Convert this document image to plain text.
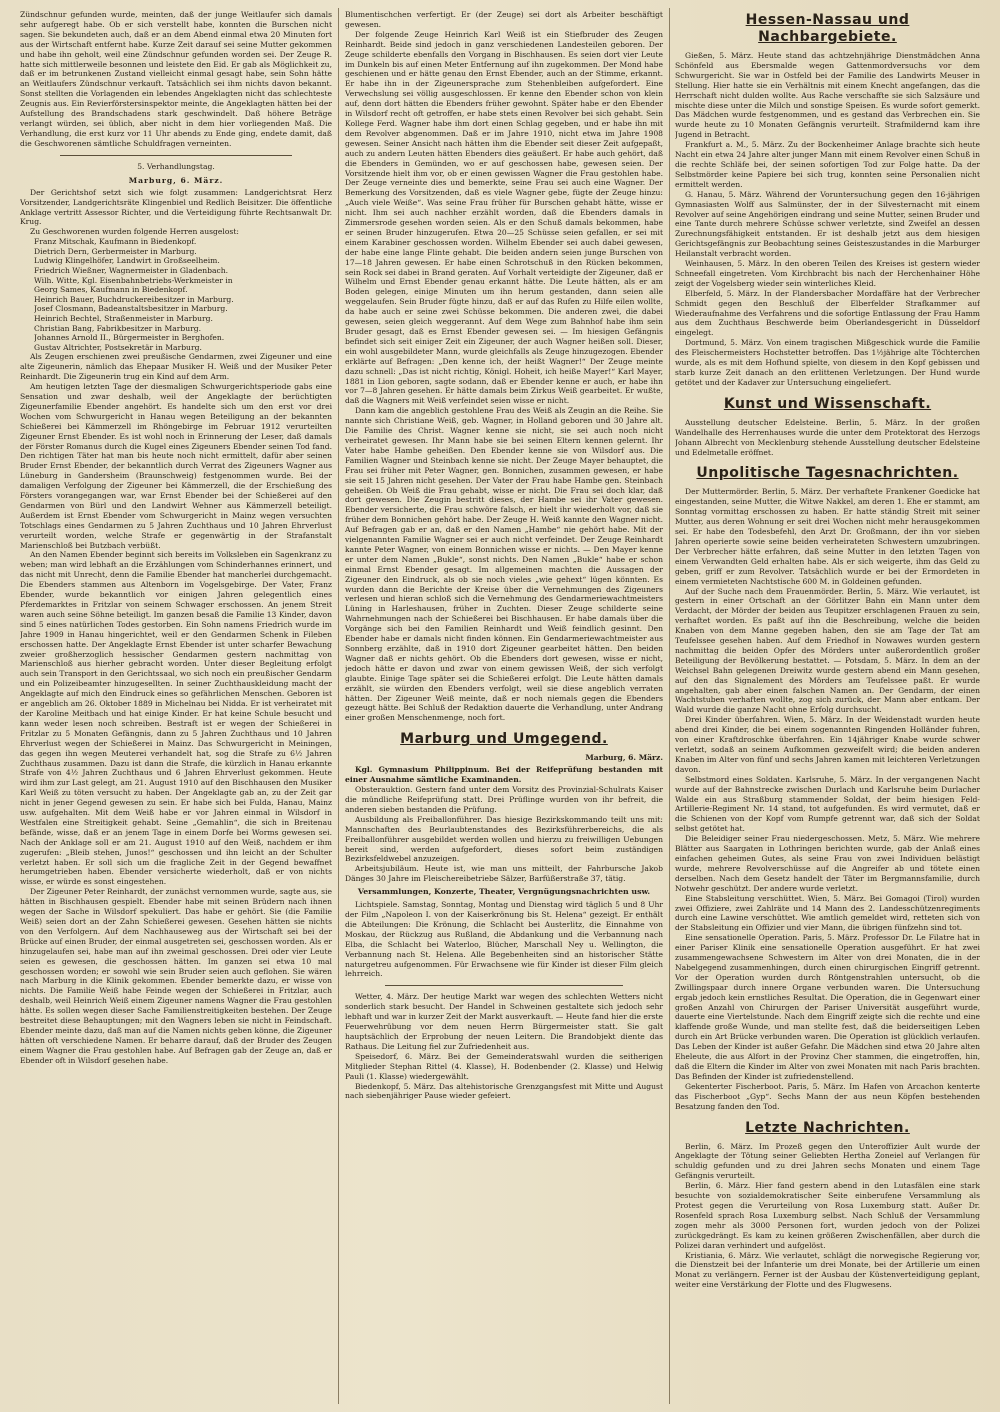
Zündschnur gefunden wurde, meinten, daß der junge Weitlaufer sich damals sehr aufgeregt habe. Ob er sich verstellt habe, konnten die Burschen nicht sagen. Sie bekundeten auch, daß er an dem Abend einmal etwa 20 Minuten fort aus der Wirtschaft entfernt habe. Kurze Zeit darauf sei seine Mutter gekommen und habe ihn geholt, weil eine Zündschnur gefunden worden sei. Der Zeuge R. hatte sich mittlerweile besonnen und leistete den Eid. Er gab als Möglichkeit zu, daß er im betrunkenen Zustand vielleicht einmal gesagt habe, sein Sohn hätte an Weitlaufers Zündschnur verkauft. Tatsächlich sei ihm nichts davon bekannt. Sonst stellten die Vorlagenden ein lebendes Angeklagten nicht das schlechteste Zeugnis aus. Ein Revierförstersinspektor meinte, die Angeklagten hätten bei der Aufstellung des Brandschadens stark geschwindelt. Daß höhere Beträge verlangt würden, sei üblich, aber nicht in dem hier vorliegenden Maß. Die Verhandlung, die erst kurz vor 11 Uhr abends zu Ende ging, endete damit, daß die Geschworenen sämtliche Schuldfragen verneinten.

5. Verhandlungstag.
Marburg, 6. März.

Der Gerichtshof setzt sich wie folgt zusammen: Landgerichtsrat Herz Vorsitzender, Landgerichtsräte Klingenbiel und Redlich Beisitzer. Die öffentliche Anklage vertritt Assessor Richter, und die Verteidigung führte Rechtsanwalt Dr. Krug.

Zu Geschworenen wurden folgende Herren ausgelost:

Franz Mitschak, Kaufmann in Biedenkopf.
Dietrich Dern, Gerbermeister in Marburg.
Ludwig Klingelhöfer, Landwirt in Großseelheim.
Friedrich Wießner, Wagnermeister in Gladenbach.
Wilh. Witte, Kgl. Eisenbahnbetriebs-Werkmeister in
Georg Sames, Kaufmann in Biedenkopf.
Heinrich Bauer, Buchdruckereibesitzer in Marburg.
Josef Closmann, Badeanstaltsbesitzer in Marburg.
Heinrich Bechtel, Straßenmeister in Marburg.
Christian Bang, Fabrikbesitzer in Marburg.
Johannes Arnold II., Bürgermeister in Berghofen.
Gustav Altrichter, Postsekretär in Marburg.

Als Zeugen erschienen zwei preußische Gendarmen, zwei Zigeuner und eine alte Zigeunerin, nämlich das Ehepaar Musiker H. Weiß und der Musiker Peter Reinhardt. Die Zigeunerin trug ein Kind auf dem Arm.

Am heutigen letzten Tage der diesmaligen Schwurgerichtsperiode gabs eine Sensation und zwar deshalb, weil der Angeklagte der berüchtigten Zigeunerfamilie Ebender angehört. Es handelte sich um den erst vor drei Wochen vom Schwurgericht in Hanau wegen Beteiligung an der bekannten Schießerei bei Kämmerzell im Rhöngebirge im Februar 1912 verurteilten Zigeuner Ernst Ebender. Es ist wohl noch in Erinnerung der Leser, daß damals der Förster Romanus durch die Kugel eines Zigeuners Ebender seinen Tod fand. Den richtigen Täter hat man bis heute noch nicht ermittelt, dafür aber seinen Bruder Ernst Ebender, der bekanntlich durch Verrat des Zigeuners Wagner aus Lüneburg in Gandersheim (Braunschweig) festgenommen wurde. Bei der damaligen Verfolgung der Zigeuner bei Kämmerzell, die der Erschießung des Försters vorangegangen war, war Ernst Ebender bei der Schießerei auf den Gendarmen von Bürl und den Landwirt Wehner aus Kämmerzell beteiligt. Außerdem ist Ernst Ebender vom Schwurgericht in Mainz wegen versuchten Totschlags eines Gendarmen zu 5 Jahren Zuchthaus und 10 Jahren Ehrverlust verurteilt worden, welche Strafe er gegenwärtig in der Strafanstalt Marienschloß bei Butzbach verbüßt.

An den Namen Ebender beginnt sich bereits im Volksleben ein Sagenkranz zu weben; man wird lebhaft an die Erzählungen vom Schinderhannes erinnert, und das nicht mit Unrecht, denn die Familie Ebender hat mancherlei durchgemacht. Die Ebenders stammen aus Altenborn im Vogelsgebirge. Der Vater, Franz Ebender, wurde bekanntlich vor einigen Jahren gelegentlich eines Pferdemarktes in Fritzlar von seinem Schwager erschossen. An jenem Streit waren auch seine Söhne beteiligt. Im ganzen besaß die Familie 13 Kinder, davon sind 5 eines natürlichen Todes gestorben. Ein Sohn namens Friedrich wurde im Jahre 1909 in Hanau hingerichtet, weil er den Gendarmen Schenk in Fileben erschossen hatte. Der Angeklagte Ernst Ebender ist unter scharfer Bewachung zweier großherzoglich hessischer Gendarmen gestern nachmittag von Marienschloß aus hierher gebracht worden. Unter dieser Begleitung erfolgt auch sein Transport in den Gerichtssaal, wo sich noch ein preußischer Gendarm und ein Polizeibeamter hinzugesellten. In seiner Zuchthauskleidung macht der Angeklagte auf mich den Eindruck eines so gefährlichen Menschen. Geboren ist er angeblich am 26. Oktober 1889 in Michelnau bei Nidda. Er ist verheiratet mit der Karoline Meitbach und hat einige Kinder. Er hat keine Schule besucht und kann weder lesen noch schreiben. Bestraft ist er wegen der Schießerei in Fritzlar zu 5 Monaten Gefängnis, dann zu 5 Jahren Zuchthaus und 10 Jahren Ehrverlust wegen der Schießerei in Mainz. Das Schwurgericht in Meiningen, das gegen ihn wegen Meuterei verhandelt hat, sog die Strafe zu 6½ Jahren Zuchthaus zusammen. Dazu ist dann die Strafe, die kürzlich in Hanau erkannte Strafe von 4½ Jahren Zuchthaus und 6 Jahren Ehrverlust gekommen. Heute wird ihm zur Last gelegt, am 21. August 1910 auf den Bischhausen den Musiker Karl Weiß zu töten versucht zu haben. Der Angeklagte gab an, zu der Zeit gar nicht in jener Gegend gewesen zu sein. Er habe sich bei Fulda, Hanau, Mainz usw. aufgehalten. Mit dem Weiß habe er vor Jahren einmal in Wilsdorf in Westfalen eine Streitigkeit gehabt. Seine „Gemahlin“, die sich in Breitenau befände, wisse, daß er an jenem Tage in einem Dorfe bei Worms gewesen sei. Nach der Anklage soll er am 21. August 1910 auf den Weiß, nachdem er ihm zugerufen: „Bleib stehen, Junos!“ geschossen und ihn leicht an der Schulter verletzt haben. Er soll sich um die fragliche Zeit in der Gegend bewaffnet herumgetrieben haben. Ebender versicherte wiederholt, daß er von nichts wisse, er würde es sonst eingestehen.

Der Zigeuner Peter Reinhardt, der zunächst vernommen wurde, sagte aus, sie hätten in Bischhausen gespielt. Ebender habe mit seinen Brüdern nach ihnen wegen der Sache in Wilsdorf spekuliert. Das habe er gehört. Sie (die Familie Weiß) seien dort an der Zahn Schießerei gewesen. Gesehen hätten sie nichts von den Verfolgern. Auf dem Nachhauseweg aus der Wirtschaft sei bei der Brücke auf einen Bruder, der einmal ausgetreten sei, geschossen worden. Als er hinzugelaufen sei, habe man auf ihn zweimal geschossen. Drei oder vier Leute seien es gewesen, die geschossen hätten. Im ganzen sei etwa 10 mal geschossen worden; er sowohl wie sein Bruder seien auch geflohen. Sie wären nach Marburg in die Klinik gekommen. Ebender bemerkte dazu, er wisse von nichts. Die Familie Weiß habe Feinde wegen der Schießerei in Fritzlar, auch deshalb, weil Heinrich Weiß einem Zigeuner namens Wagner die Frau gestohlen hätte. Es sollen wegen dieser Sache Familienstreitigkeiten bestehen. Der Zeuge bestreitet diese Behauptungen; mit den Wagners leben sie nicht in Feindschaft. Ebender meinte dazu, daß man auf die Namen nichts geben könne, die Zigeuner hätten oft verschiedene Namen. Er beharre darauf, daß der Bruder des Zeugen einem Wagner die Frau gestohlen habe. Auf Befragen gab der Zeuge an, daß er Ebender oft in Wilsdorf gesehen habe.

Blumentischchen verfertigt. Er (der Zeuge) sei dort als Arbeiter beschäftigt gewesen.

Der folgende Zeuge Heinrich Karl Weiß ist ein Stiefbruder des Zeugen Reinhardt. Beide sind jedoch in ganz verschiedenen Landesteilen geboren. Der Zeuge schilderte ebenfalls den Vorgang in Bischhausen. Es seien dort vier Leute im Dunkeln bis auf einen Meter Entfernung auf ihn zugekommen. Der Mond habe geschienen und er hätte genau den Ernst Ebender, auch an der Stimme, erkannt. Er habe ihn in der Zigeunersprache zum Stehenbleiben aufgefordert. Eine Verwechslung sei völlig ausgeschlossen. Er kenne den Ebender schon von klein auf, denn dort hätten die Ebenders früher gewohnt. Später habe er den Ebender in Wilsdorf recht oft getroffen, er habe stets einen Revolver bei sich gehabt. Sein Kollege Ferd. Wagner habe ihm dort einen Schlag gegeben, und er habe ihn mit dem Revolver abgenommen. Daß er im Jahre 1910, nicht etwa im Jahre 1908 gewesen. Seiner Ansicht nach hätten ihm die Ebender seit dieser Zeit aufgepaßt, auch zu andern Leuten hätten Ebenders dies geäußert. Er habe auch gehört, daß die Ebenders in Gemünden, wo er auf geschossen habe, gewesen seien. Der Vorsitzende hielt ihm vor, ob er einen gewissen Wagner die Frau gestohlen habe. Der Zeuge verneinte dies und bemerkte, seine Frau sei auch eine Wagner. Der Bemerkung des Vorsitzenden, daß es viele Wagner gebe, fügte der Zeuge hinzu: „Auch viele Weiße“. Was seine Frau früher für Burschen gehabt hätte, wisse er nicht. Ihm sei auch nachher erzählt worden, daß die Ebenders damals in Zimmersrode gesehen worden seien. Als er den Schuß damals bekommen, habe er seinen Bruder hinzugerufen. Etwa 20—25 Schüsse seien gefallen, er sei mit einem Karabiner geschossen worden. Wilhelm Ebender sei auch dabei gewesen, der habe eine lange Flinte gehabt. Die beiden andern seien junge Burschen von 17—18 Jahren gewesen. Er habe einen Schrotschuß in den Rücken bekommen, sein Rock sei dabei in Brand geraten. Auf Vorhalt verteidigte der Zigeuner, daß er Wilhelm und Ernst Ebender genau erkannt hätte. Die Leute hätten, als er am Boden gelegen, einige Minuten um ihn herum gestanden, dann seien alle weggelaufen. Sein Bruder fügte hinzu, daß er auf das Rufen zu Hilfe eilen wollte, da habe auch er seine zwei Schüsse bekommen. Die anderen zwei, die dabei gewesen, seien gleich weggerannt. Auf dem Wege zum Bahnhof habe ihm sein Bruder gesagt, daß es Ernst Ebender gewesen sei. — Im hiesigen Gefängnis befindet sich seit einiger Zeit ein Zigeuner, der auch Wagner heißen soll. Dieser, ein wohl ausgebildeter Mann, wurde gleichfalls als Zeuge hinzugezogen. Ebender erklärte auf Befragen: „Den kenne ich, der heißt Wagner!“ Der Zeuge meinte dazu schnell: „Das ist nicht richtig, Königl. Hoheit, ich heiße Mayer!“ Karl Mayer, 1881 in Lion geboren, sagte sodann, daß er Ebender kenne er auch, er habe ihn vor 7—8 Jahren gesehen. Er hätte damals beim Zirkus Weiß gearbeitet. Er wußte, daß die Wagners mit Weiß verfeindet seien wisse er nicht.

Dann kam die angeblich gestohlene Frau des Weiß als Zeugin an die Reihe. Sie nannte sich Christiane Weiß, geb. Wagner, in Holland geboren und 30 Jahre alt. Die Familie des Christ. Wagner kenne sie nicht, sie sei auch noch nicht verheiratet gewesen. Ihr Mann habe sie bei seinen Eltern kennen gelernt. Ihr Vater habe Hambe geheißen. Den Ebender kenne sie von Wilsdorf aus. Die Familien Wagner und Steinbach kenne sie nicht. Der Zeuge Mayer behauptet, die Frau sei früher mit Peter Wagner, gen. Bonnichen, zusammen gewesen, er habe sie seit 15 Jahren nicht gesehen. Der Vater der Frau habe Hambe gen. Steinbach geheißen. Ob Weiß die Frau gehabt, wisse er nicht. Die Frau sei doch klar, daß dort gewesen. Die Zeugin bestritt dieses, der Hambe sei ihr Vater gewesen. Ebender versicherte, die Frau schwöre falsch, er hielt ihr wiederholt vor, daß sie früher dem Bonnichen gehört habe. Der Zeuge H. Weiß kannte den Wagner nicht. Auf Befragen gab er an, daß er den Namen „Hambe“ nie gehört habe. Mit der vielgenannten Familie Wagner sei er auch nicht verfeindet. Der Zeuge Reinhardt kannte Peter Wagner, von einem Bonnichen wisse er nichts. — Den Mayer kenne er unter dem Namen „Bukle“, sonst nichts. Den Namen „Bukle“ habe er schon einmal Ernst Ebender gesagt. Im allgemeinen machten die Aussagen der Zigeuner den Eindruck, als ob sie noch vieles „wie gehext“ lügen könnten. Es wurden dann die Berichte der Kreise über die Vernehmungen des Zigeuners verlesen und hieran schloß sich die Vernehmung des Gendarmeriewachtmeisters Lüning in Harleshausen, früher in Zuchten. Dieser Zeuge schilderte seine Wahrnehmungen nach der Schießerei bei Bischhausen. Er habe damals über die Vorgänge sich bei den Familien Reinhardt und Weiß feindlich gesinnt. Den Ebender habe er damals nicht finden können. Ein Gendarmeriewachtmeister aus Sonnberg erzählte, daß in 1910 dort Zigeuner gearbeitet hätten. Den beiden Wagner daß er nichts gehört. Ob die Ebenders dort gewesen, wisse er nicht, jedoch hätte er davon und zwar von einem gewissen Weiß, der sich verfolgt glaubte. Einige Tage später sei die Schießerei erfolgt. Die Leute hätten damals erzählt, sie würden den Ebenders verfolgt, weil sie diese angeblich verraten hätten. Der Zigeuner Weiß meinte, daß er noch niemals gegen die Ebenders gezeugt hätte. Bei Schluß der Redaktion dauerte die Verhandlung, unter Andrang einer großen Menschenmenge, noch fort.

Marburg und Umgegend.
Marburg, 6. März.

Kgl. Gymnasium Philippinum. Bei der Reifeprüfung bestanden mit einer Ausnahme sämtliche Examinanden.

Obsterauktion. Gestern fand unter dem Vorsitz des Provinzial-Schulrats Kaiser die mündliche Reifeprüfung statt. Drei Prüflinge wurden von ihr befreit, die anderen sieben bestanden die Prüfung.

Ausbildung als Freiballonführer. Das hiesige Bezirkskommando teilt uns mit: Mannschaften des Beurlaubtenstandes des Bezirksführerbereichs, die als Freiballonführer ausgebildet werden wollen und hierzu zu freiwilligen Uebungen bereit sind, werden aufgefordert, dieses sofort beim zuständigen Bezirksfeldwebel anzuzeigen.

Arbeitsjubiläum. Heute ist, wie man uns mitteilt, der Fahrbursche Jakob Dänges 30 Jahre im Fleischereibetriebe Sälzer, Barfüßerstraße 37, tätig.

Versammlungen, Konzerte, Theater, Vergnügungsnachrichten usw.

Lichtspiele. Samstag, Sonntag, Montag und Dienstag wird täglich 5 und 8 Uhr der Film „Napoleon I. von der Kaiserkrönung bis St. Helena“ gezeigt. Er enthält die Abteilungen: Die Krönung, die Schlacht bei Austerlitz, die Einnahme von Moskau, der Rückzug aus Rußland, die Abdankung und die Verbannung nach Elba, die Schlacht bei Waterloo, Blücher, Marschall Ney u. Wellington, die Verbannung nach St. Helena. Alle Begebenheiten sind an historischer Stätte naturgetreu aufgenommen. Für Erwachsene wie für Kinder ist dieser Film gleich lehrreich.

Wetter, 4. März. Der heutige Markt war wegen des schlechten Wetters nicht sonderlich stark besucht. Der Handel in Schweinen gestaltete sich jedoch sehr lebhaft und war in kurzer Zeit der Markt ausverkauft. — Heute fand hier die erste Feuerwehrübung vor dem neuen Herrn Bürgermeister statt. Sie galt hauptsächlich der Erprobung der neuen Leitern. Die Brandobjekt diente das Rathaus. Die Leitung fiel zur Zufriedenheit aus.

Speisedorf, 6. März. Bei der Gemeinderatswahl wurden die seitherigen Mitglieder Stephan Rittel (4. Klasse), H. Bodenbender (2. Klasse) und Helwig Pauli (1. Klasse) wiedergewählt.

Biedenkopf, 5. März. Das altehistorische Grenzgangsfest mit Mitte und August nach siebenjähriger Pause wieder gefeiert.

Hessen-Nassau und Nachbargebiete.

Gießen, 5. März. Heute stand das achtzehnjährige Dienstmädchen Anna Schönfeld aus Ebersmalde wegen Gattenmordversuchs vor dem Schwurgericht. Sie war in Ostfeld bei der Familie des Landwirts Meuser in Stellung. Hier hatte sie ein Verhältnis mit einem Knecht angefangen, das die Herrschaft nicht dulden wollte. Aus Rache verschaffte sie sich Salzsäure und mischte diese unter die Milch und sonstige Speisen. Es wurde sofort gemerkt. Das Mädchen wurde festgenommen, und es gestand das Verbrechen ein. Sie wurde heute zu 10 Monaten Gefängnis verurteilt. Strafmildernd kam ihre Jugend in Betracht.

Frankfurt a. M., 5. März. Zu der Bockenheimer Anlage brachte sich heute Nacht ein etwa 24 Jahre alter junger Mann mit einem Revolver einen Schuß in die rechte Schläfe bei, der seinen sofortigen Tod zur Folge hatte. Da der Selbstmörder keine Papiere bei sich trug, konnten seine Personalien nicht ermittelt werden.

G. Hanau, 5. März. Während der Voruntersuchung gegen den 16-jährigen Gymnasiasten Wolff aus Salmünster, der in der Silvesternacht mit einem Revolver auf seine Angehörigen eindrang und seine Mutter, seinen Bruder und eine Tante durch mehrere Schüsse schwer verletzte, sind Zweifel an dessen Zurechnungsfähigkeit entstanden. Er ist deshalb jetzt aus dem hiesigen Gerichtsgefängnis zur Beobachtung seines Geisteszustandes in die Marburger Heilanstalt verbracht worden.

Weinhausen, 5. März. In den oberen Teilen des Kreises ist gestern wieder Schneefall eingetreten. Vom Kirchbracht bis nach der Herchenhainer Höhe zeigt der Vogelsberg wieder sein winterliches Kleid.

Elberfeld, 5. März. In der Flandersbacher Mordaffäre hat der Verbrecher Schmidt gegen den Beschluß der Elberfelder Strafkammer auf Wiederaufnahme des Verfahrens und die sofortige Entlassung der Frau Hamm aus dem Zuchthaus Beschwerde beim Oberlandesgericht in Düsseldorf eingelegt.

Dortmund, 5. März. Von einem tragischen Mißgeschick wurde die Familie des Fleischermeisters Hochstetter betroffen. Das 1½jährige alte Töchterchen wurde, als es mit dem Hofhund spielte, von diesem in den Kopf gebissen und starb kurze Zeit danach an den erlittenen Verletzungen. Der Hund wurde getötet und der Kadaver zur Untersuchung eingeliefert.

Kunst und Wissenschaft.

Ausstellung deutscher Edelsteine. Berlin, 5. März. In der großen Wandelhalle des Herrenhauses wurde die unter dem Protektorat des Herzogs Johann Albrecht von Mecklenburg stehende Ausstellung deutscher Edelsteine und Edelmetalle eröffnet.

Unpolitische Tagesnachrichten.

Der Muttermörder. Berlin, 5. März. Der verhaftete Frankener Goedicke hat eingestanden, seine Mutter, die Witwe Nakkel, am deren 1. Ehe er stammt, am Sonntag vormittag erschossen zu haben. Er hatte ständig Streit mit seiner Mutter, aus deren Wohnung er seit drei Wochen nicht mehr herausgekommen sei. Er habe den Todesbefehl, den Arzt Dr. Großmann, der ihn vor sieben Jahren operierte sowie seine beiden verheirateten Schwestern umzubringen. Der Verbrecher hätte erfahren, daß seine Mutter in den letzten Tagen von einem Verwandten Geld erhalten habe. Als er sich weigerte, ihm das Geld zu geben, griff er zum Revolver. Tatsächlich wurde er bei der Ermordeten in einem vermieteten Nachtstische 600 M. in Goldeinen gefunden.

Auf der Suche nach dem Frauenmörder. Berlin, 5. März. Wie verlautet, ist gestern in einer Ortschaft an der Görlitzer Bahn ein Mann unter dem Verdacht, der Mörder der beiden aus Teupitzer erschlagenen Frauen zu sein, verhaftet worden. Es paßt auf ihn die Beschreibung, welche die beiden Knaben von dem Manne gegeben haben, den sie am Tage der Tat am Teufelssee gesehen haben. Auf dem Friedhof in Nowawes wurden gestern nachmittag die beiden Opfer des Mörders unter außerordentlich großer Beteiligung der Bevölkerung bestattet. — Potsdam, 5. März. In dem an der Weichsel Bahn gelegenen Dreiwitz wurde gestern abend ein Mann gesehen, auf den das Signalement des Mörders am Teufelssee paßt. Er wurde angehalten, gab aber einen falschen Namen an. Der Gendarm, der einen Wachtstuben verhaften wollte, zog sich zurück, der Mann aber entkam. Der Wald wurde die ganze Nacht ohne Erfolg durchsucht.

Drei Kinder überfahren. Wien, 5. März. In der Weidenstadt wurden heute abend drei Kinder, die bei einem sogenannten Ringenden Holländer fuhren, von einer Kraftdroschke überfahren. Ein 14jähriger Knabe wurde schwer verletzt, sodaß an seinem Aufkommen gezweifelt wird; die beiden anderen Knaben im Alter von fünf und sechs Jahren kamen mit leichteren Verletzungen davon.

Selbstmord eines Soldaten. Karlsruhe, 5. März. In der vergangenen Nacht wurde auf der Bahnstrecke zwischen Durlach und Karlsruhe beim Durlacher Walde ein aus Straßburg stammender Soldat, der beim hiesigen Feld-Artillerie-Regiment Nr. 14 stand, tot aufgefunden. Es wird vermutet, daß er die Schienen von der Kopf vom Rumpfe getrennt war, daß sich der Soldat selbst getötet hat.

Die Beleidiger seiner Frau niedergeschossen. Metz, 5. März. Wie mehrere Blätter aus Saargaten in Lothringen berichten wurde, gab der Anlaß eines einfachen geheimen Gutes, als seine Frau von zwei Individuen belästigt wurde, mehrere Revolverschüsse auf die Angreifer ab und tötete einen derselben. Nach dem Gesetz handelt der Täter im Bergmannsfamilie, durch Notwehr geschützt. Der andere wurde verletzt.

Eine Stabsleitung verschüttet. Wien, 5. März. Bei Gomagoi (Tirol) wurden zwei Offiziere, zwei Zahlräte und 14 Mann des 2. Landesschützenregiments durch eine Lawine verschüttet. Wie amtlich gemeldet wird, retteten sich von der Stabsleitung ein Offizier und vier Mann, die übrigen fünfzehn sind tot.

Eine sensationelle Operation. Paris, 5. März. Professor Dr. Le Filatre hat in einer Pariser Klinik eine sensationelle Operation ausgeführt. Er hat zwei zusammengewachsene Schwestern im Alter von drei Monaten, die in der Nabelgegend zusammenhingen, durch einen chirurgischen Eingriff getrennt. Vor der Operation wurden durch Röntgenstrahlen untersucht, ob die Zwillingspaar durch innere Organe verbunden waren. Die Untersuchung ergab jedoch kein ernstliches Resultat. Die Operation, die in Gegenwart einer großen Anzahl von Chirurgen der Pariser Universität ausgeführt wurde, dauerte eine Viertelstunde. Nach dem Eingriff zeigte sich die rechte und eine klaffende große Wunde, und man stellte fest, daß die beiderseitigen Leben durch ein Art Brücke verbunden waren. Die Operation ist glücklich verlaufen. Das Leben der Kinder ist außer Gefahr. Die Mädchen sind etwa 20 Jahre alten Eheleute, die aus Alfort in der Provinz Cher stammen, die eingetroffen, hin, daß die Eltern die Kinder im Alter von zwei Monaten mit nach Paris brachten. Das Befinden der Kinder ist zufriedenstellend.

Gekenterter Fischerboot. Paris, 5. März. Im Hafen von Arcachon kenterte das Fischerboot „Gyp“. Sechs Mann der aus neun Köpfen bestehenden Besatzung fanden den Tod.

Letzte Nachrichten.

Berlin, 6. März. Im Prozeß gegen den Unteroffizier Ault wurde der Angeklagte der Tötung seiner Geliebten Hertha Zoneiel auf Verlangen für schuldig gefunden und zu drei Jahren sechs Monaten und einem Tage Gefängnis verurteilt.

Berlin, 6. März. Hier fand gestern abend in den Lutasfälen eine stark besuchte von sozialdemokratischer Seite einberufene Versammlung als Protest gegen die Verurteilung von Rosa Luxemburg statt. Außer Dr. Rosenfeld sprach Rosa Luxemburg selbst. Nach Schluß der Versammlung zogen mehr als 3000 Personen fort, wurden jedoch von der Polizei zurückgedrängt. Es kam zu keinen größeren Zwischenfällen, aber durch die Polizei daran verhindert und aufgelöst.

Kristiania, 6. März. Wie verlautet, schlägt die norwegische Regierung vor, die Dienstzeit bei der Infanterie um drei Monate, bei der Artillerie um einen Monat zu verlängern. Ferner ist der Ausbau der Küstenverteidigung geplant, weiter eine Verstärkung der Flotte und des Flugwesens.
